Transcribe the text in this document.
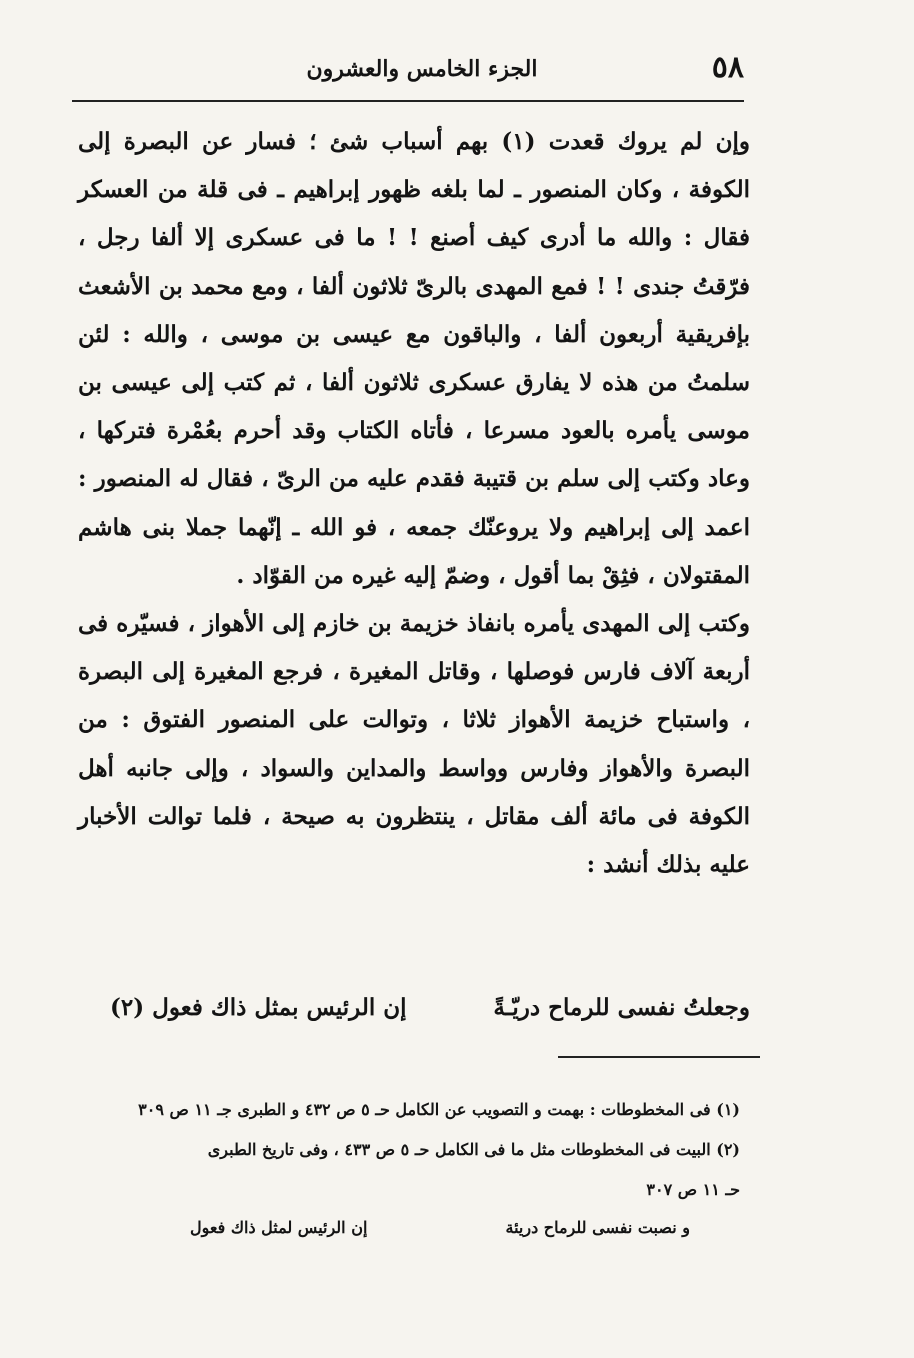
٥٨
الجزء الخامس والعشرون

وإن لم يروك قعدت (١) بهم أسباب شئ ؛ فسار عن البصرة إلى الكوفة ، وكان المنصور ـ لما بلغه ظهور إبراهيم ـ فى قلة من العسكر فقال : والله ما أدرى كيف أصنع ! ! ما فى عسكرى إلا ألفا رجل ، فرّقتُ جندى ! ! فمع المهدى بالرىّ ثلاثون ألفا ، ومع محمد بن الأشعث بإفريقية أربعون ألفا ، والباقون مع عيسى بن موسى ، والله : لئن سلمتُ من هذه لا يفارق عسكرى ثلاثون ألفا ، ثم كتب إلى عيسى بن موسى يأمره بالعود مسرعا ، فأتاه الكتاب وقد أحرم بعُمْرة فتركها ، وعاد وكتب إلى سلم بن قتيبة فقدم عليه من الرىّ ، فقال له المنصور : اعمد إلى إبراهيم ولا يروعنّك جمعه ، فو الله ـ إنّهما جملا بنى هاشم المقتولان ، فثِقْ بما أقول ، وضمّ إليه غيره من القوّاد .

وكتب إلى المهدى يأمره بانفاذ خزيمة بن خازم إلى الأهواز ، فسيّره فى أربعة آلاف فارس فوصلها ، وقاتل المغيرة ، فرجع المغيرة إلى البصرة ، واستباح خزيمة الأهواز ثلاثا ، وتوالت على المنصور الفتوق : من البصرة والأهواز وفارس وواسط والمداين والسواد ، وإلى جانبه أهل الكوفة فى مائة ألف مقاتل ، ينتظرون به صيحة ، فلما توالت الأخبار عليه بذلك أنشد :

وجعلتُ نفسى للرماح دريّـةً
إن الرئيس بمثل ذاك فعول (٢)

(١) فى المخطوطات : بهمت و التصويب عن الكامل حـ ٥ ص ٤٣٢ و الطبرى جـ ١١ ص ٣٠٩

(٢) البيت فى المخطوطات مثل ما فى الكامل حـ ٥ ص ٤٣٣ ، وفى تاريخ الطبرى

حـ ١١ ص ٣٠٧

و نصبت نفسى للرماح دريئة
إن الرئيس لمثل ذاك فعول
